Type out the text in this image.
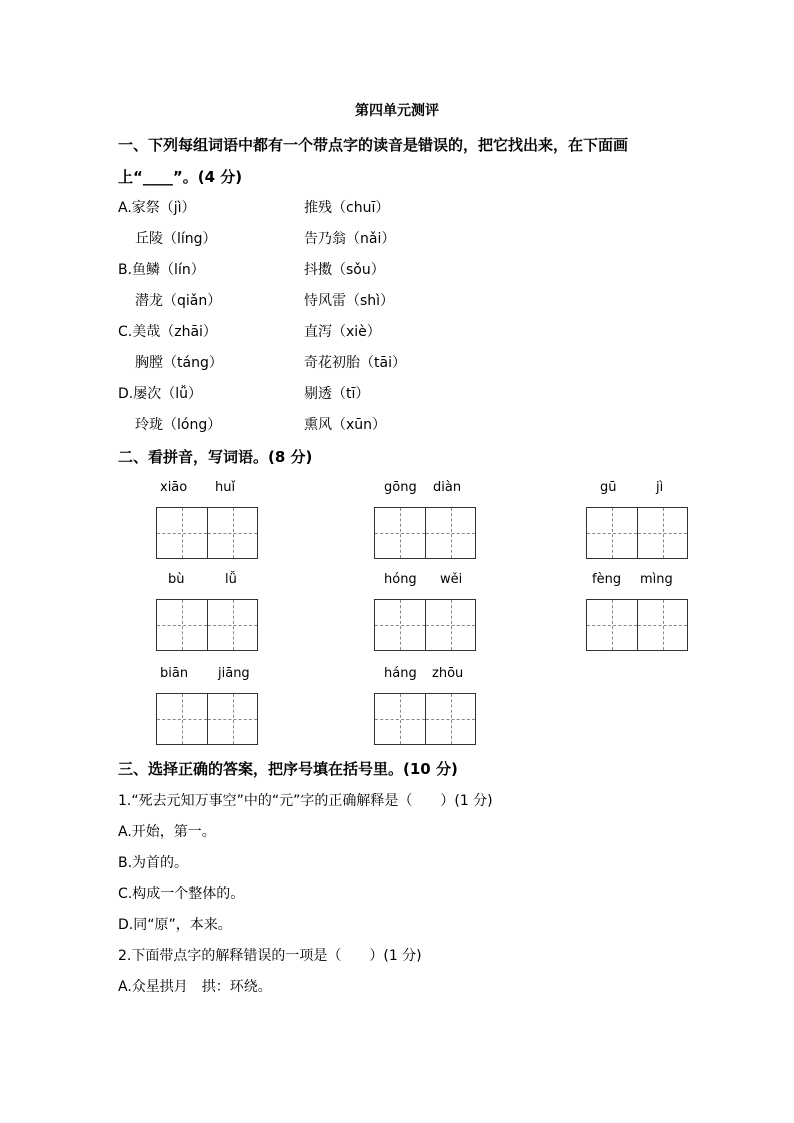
第四单元测评
一、下列每组词语中都有一个带点字的读音是错误的，把它找出来，在下面画
上“____”。(4 分)
A.家祭（jì）	推残（chuī）
丘陵（líng）	告乃翁（nǎi）
B.鱼鳞（lín）	抖擞（sǒu）
潜龙（qiǎn）	恃风雷（shì）
C.美哉（zhāi）	直泻（xiè）
胸膛（táng）	奇花初胎（tāi）
D.屡次（lǚ）	剔透（tī）
玲珑（lóng）	熏风（xūn）
二、看拼音，写词语。(8 分)
xiāo huǐ	gōng diàn	gū	jì
bù	lǚ	hóng wěi	fèng mìng
biān jiāng	háng zhōu
三、选择正确的答案，把序号填在括号里。(10 分)
1.“死去元知万事空”中的“元”字的正确解释是（　　）(1 分)
A.开始，第一。
B.为首的。
C.构成一个整体的。
D.同“原”，本来。
2.下面带点字的解释错误的一项是（　　）(1 分)
A.众星拱月　拱：环绕。
